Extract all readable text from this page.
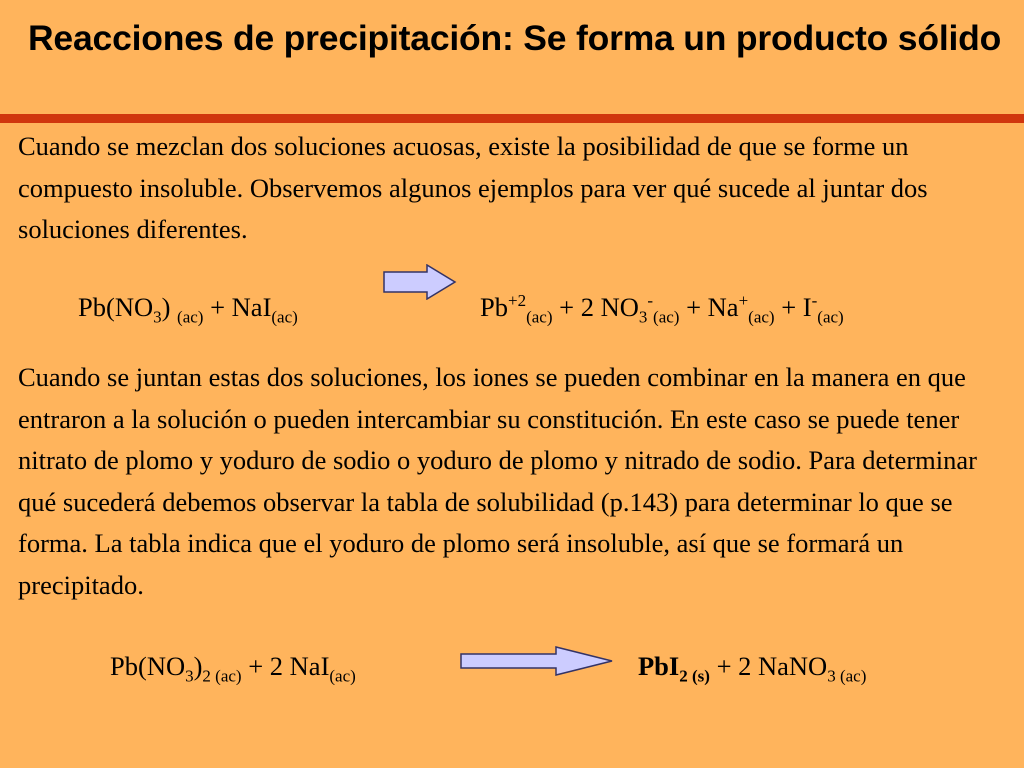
Reacciones de precipitación: Se forma un producto sólido
Cuando se mezclan dos soluciones acuosas, existe la posibilidad de que se forme un compuesto insoluble. Observemos algunos ejemplos para ver qué sucede al juntar dos soluciones diferentes.
$Pb(NO_3) _{(ac)} + NaI_{(ac)}$	$Pb^{+2}_{(ac)} + 2$ $NO_3^-_{(ac)} + Na^+_{(ac)} + I^-_{(ac)}$
Cuando se juntan estas dos soluciones, los iones se pueden combinar en la manera en que entraron a la solución o pueden intercambiar su constitución. En este caso se puede tener nitrato de plomo y yoduro de sodio o yoduro de plomo y nitrado de sodio. Para determinar qué sucederá debemos observar la tabla de solubilidad (p.143) para determinar lo que se forma. La tabla indica que el yoduro de plomo será insoluble, así que se formará un precipitado.
$Pb(NO_3)_{2 (ac)} + 2$ NaI$_{(ac)}$	PbI$_{2 (s)}$ + 2 NaNO$_{3 (ac)}$
